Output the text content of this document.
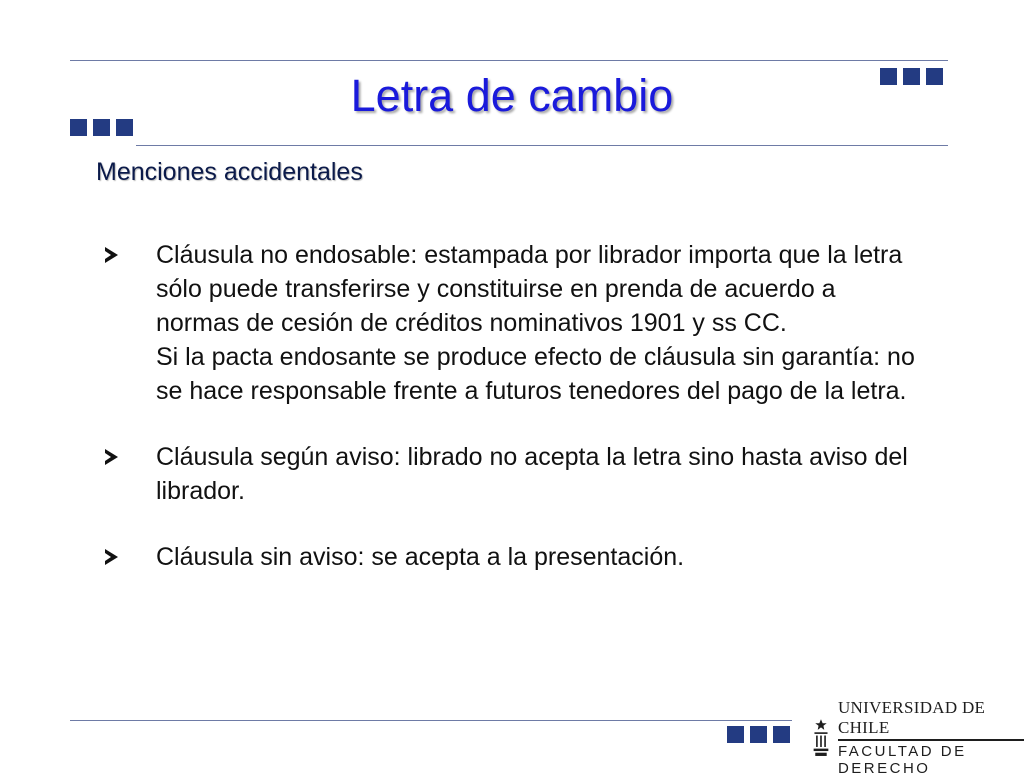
Letra de cambio
Menciones accidentales
Cláusula no endosable: estampada por librador importa que la letra sólo puede transferirse y constituirse en prenda de acuerdo a normas de cesión de créditos nominativos 1901 y ss CC.
Si la pacta endosante se produce efecto de cláusula sin garantía: no se hace responsable frente a futuros tenedores del pago de la letra.
Cláusula según aviso: librado no acepta la letra sino hasta aviso del librador.
Cláusula sin aviso: se acepta a la presentación.
UNIVERSIDAD DE CHILE
FACULTAD DE DERECHO
